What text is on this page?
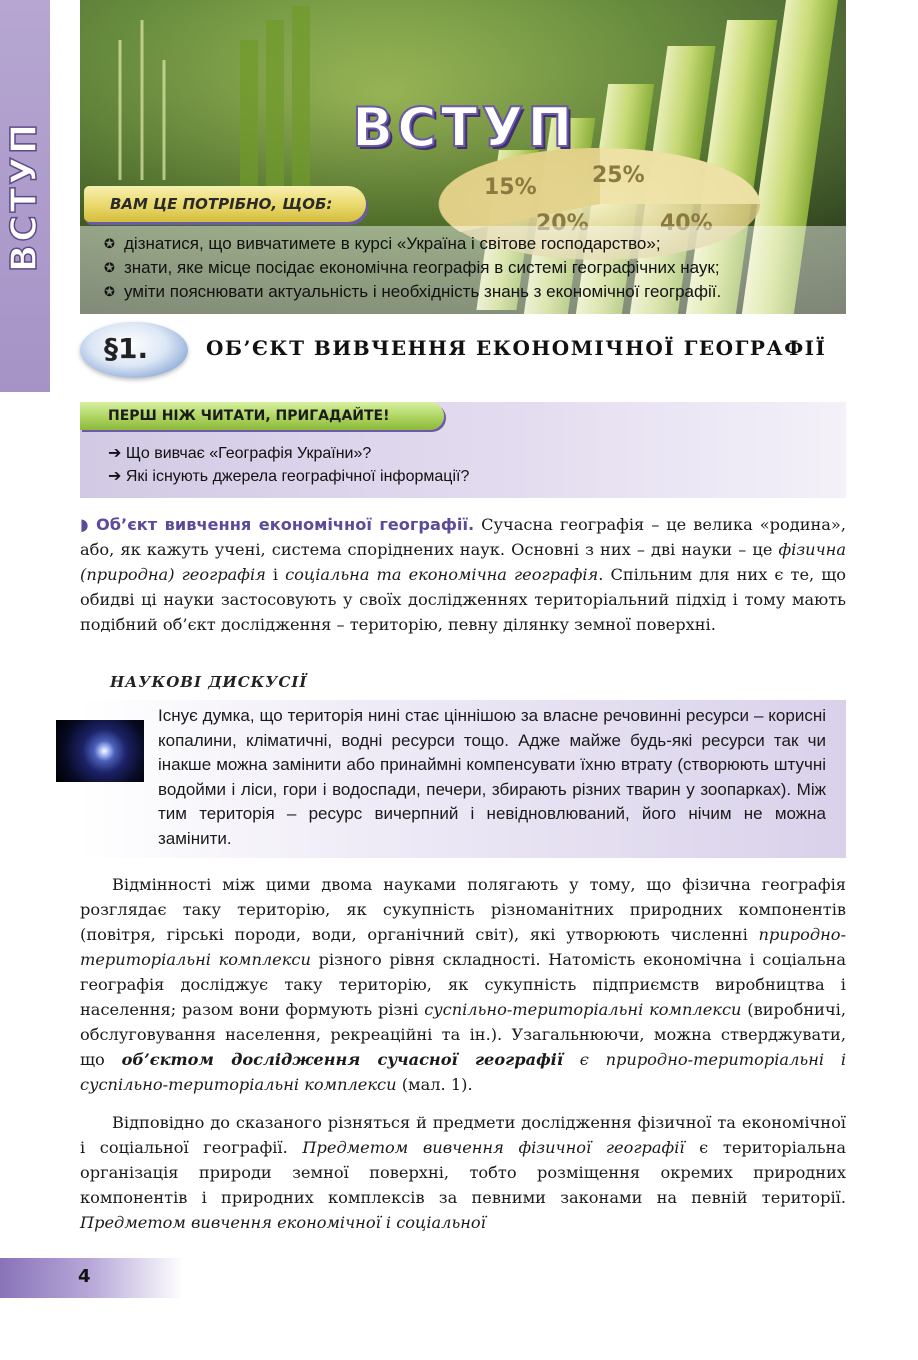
ВСТУП	15%	25%
20%	40%
ВСТУП
ВАМ ЦЕ ПОТРІБНО, ЩОБ:
✪ дізнатися, що вивчатимете в курсі «Україна і світове господарство»;
✪ знати, яке місце посідає економічна географія в системі географічних наук;
✪ уміти пояснювати актуальність і необхідність знань з економічної географії.
§1.	ОБ’ЄКТ ВИВЧЕННЯ ЕКОНОМІЧНОЇ ГЕОГРАФІЇ
ПЕРШ НІЖ ЧИТАТИ, ПРИГАДАЙТЕ!
➔ Що вивчає «Географія України»?
➔ Які існують джерела географічної інформації?
◗ Об’єкт вивчення економічної географії. Сучасна географія – це велика «родина», або, як кажуть учені, система споріднених наук. Основні з них – дві науки – це фізична (природна) географія і соціальна та економічна географія. Спільним для них є те, що обидві ці науки застосовують у своїх дослідженнях територіальний підхід і тому мають подібний об’єкт дослідження – територію, певну ділянку земної поверхні.
НАУКОВІ ДИСКУСІЇ
Існує думка, що територія нині стає ціннішою за власне речовинні ресурси – корисні копалини, кліматичні, водні ресурси тощо. Адже майже будь-які ресурси так чи інакше можна замінити або принаймні компенсувати їхню втрату (створюють штучні водойми і ліси, гори і водоспади, печери, збирають різних тварин у зоопарках). Між тим територія – ресурс вичерпний і невідновлюваний, його нічим не можна замінити.
Відмінності між цими двома науками полягають у тому, що фізична географія розглядає таку територію, як сукупність різноманітних природних компонентів (повітря, гірські породи, води, органічний світ), які утворюють численні природно-територіальні комплекси різного рівня складності. Натомість економічна і соціальна географія досліджує таку територію, як сукупність підприємств виробництва і населення; разом вони формують різні суспільно-територіальні комплекси (виробничі, обслуговування населення, рекреаційні та ін.). Узагальнюючи, можна стверджувати, що об’єктом дослідження сучасної географії є природно-територіальні і суспільно-територіальні комплекси (мал. 1).
Відповідно до сказаного різняться й предмети дослідження фізичної та економічної і соціальної географії. Предметом вивчення фізичної географії є територіальна організація природи земної поверхні, тобто розміщення окремих природних компонентів і природних комплексів за певними законами на певній території. Предметом вивчення економічної і соціальної
4
